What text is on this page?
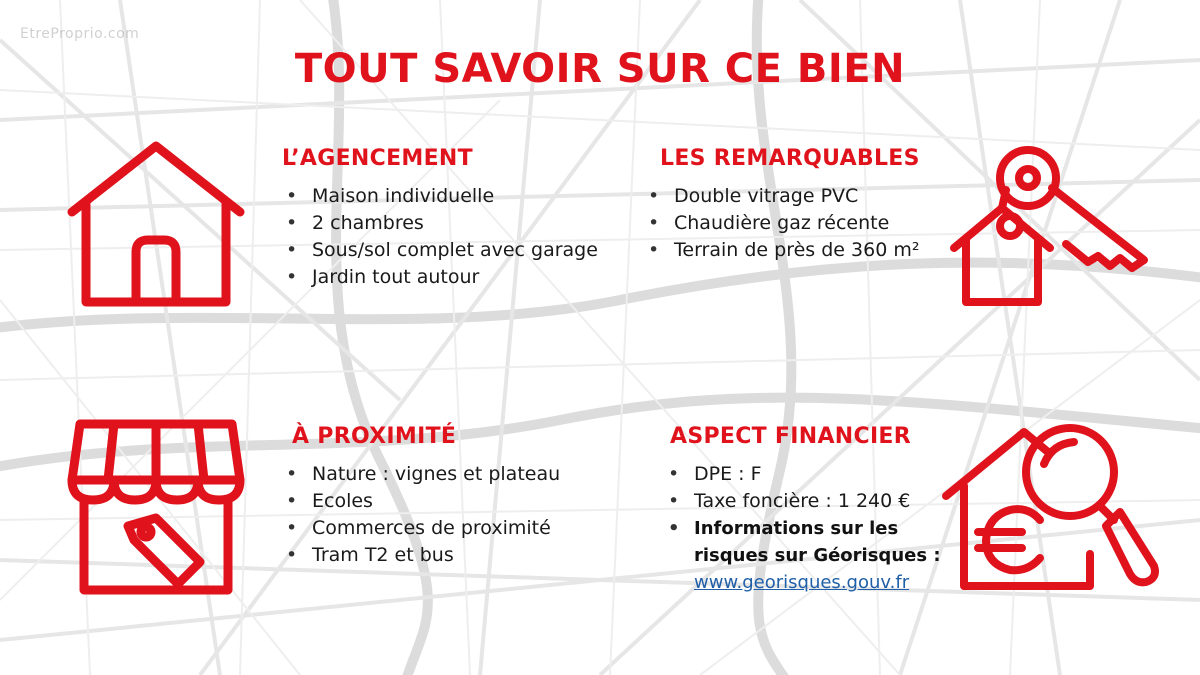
EtreProprio.com
TOUT SAVOIR SUR CE BIEN
L’AGENCEMENT
• Maison individuelle
• 2 chambres
• Sous/sol complet avec garage
• Jardin tout autour
LES REMARQUABLES
• Double vitrage PVC
• Chaudière gaz récente
• Terrain de près de 360 m²
À PROXIMITÉ
• Nature : vignes et plateau
• Ecoles
• Commerces de proximité
• Tram T2 et bus
ASPECT FINANCIER
• DPE : F
• Taxe foncière : 1 240 €
• Informations sur les
risques sur Géorisques :
www.georisques.gouv.fr
